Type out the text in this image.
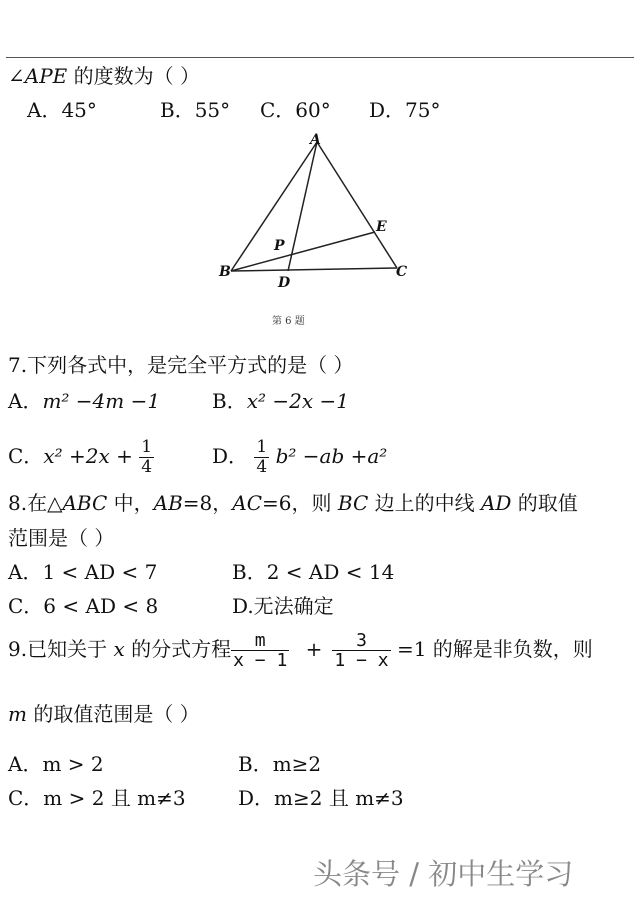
∠APE 的度数为（ ）
A．45°	B．55° C．60° D．75°
A
B	C
D
E
P
第 6 题
7.下列各式中，是完全平方式的是（ ）
A．m² −4m −1	B．x² −2x −1
C．$x^2 +2x + \frac{1}{4}$	D． $\frac{1}{4} b^2 -ab +a^2$
8.在△ABC 中，AB=8，AC=6，则 BC 边上的中线 AD 的取值
范围是（ ）
A．1 < AD < 7	B．2 < AD < 14
C．6 < AD < 8	D.无法确定
9.已知关于 x 的分式方程 $\frac{m}{x - 1} + \frac{3}{1 - x} =1$ 的解是非负数，则
m 的取值范围是（ ）
A．m > 2	B．m≥2
C．m > 2 且 m≠3	D．m≥2 且 m≠3
头条号 / 初中生学习
